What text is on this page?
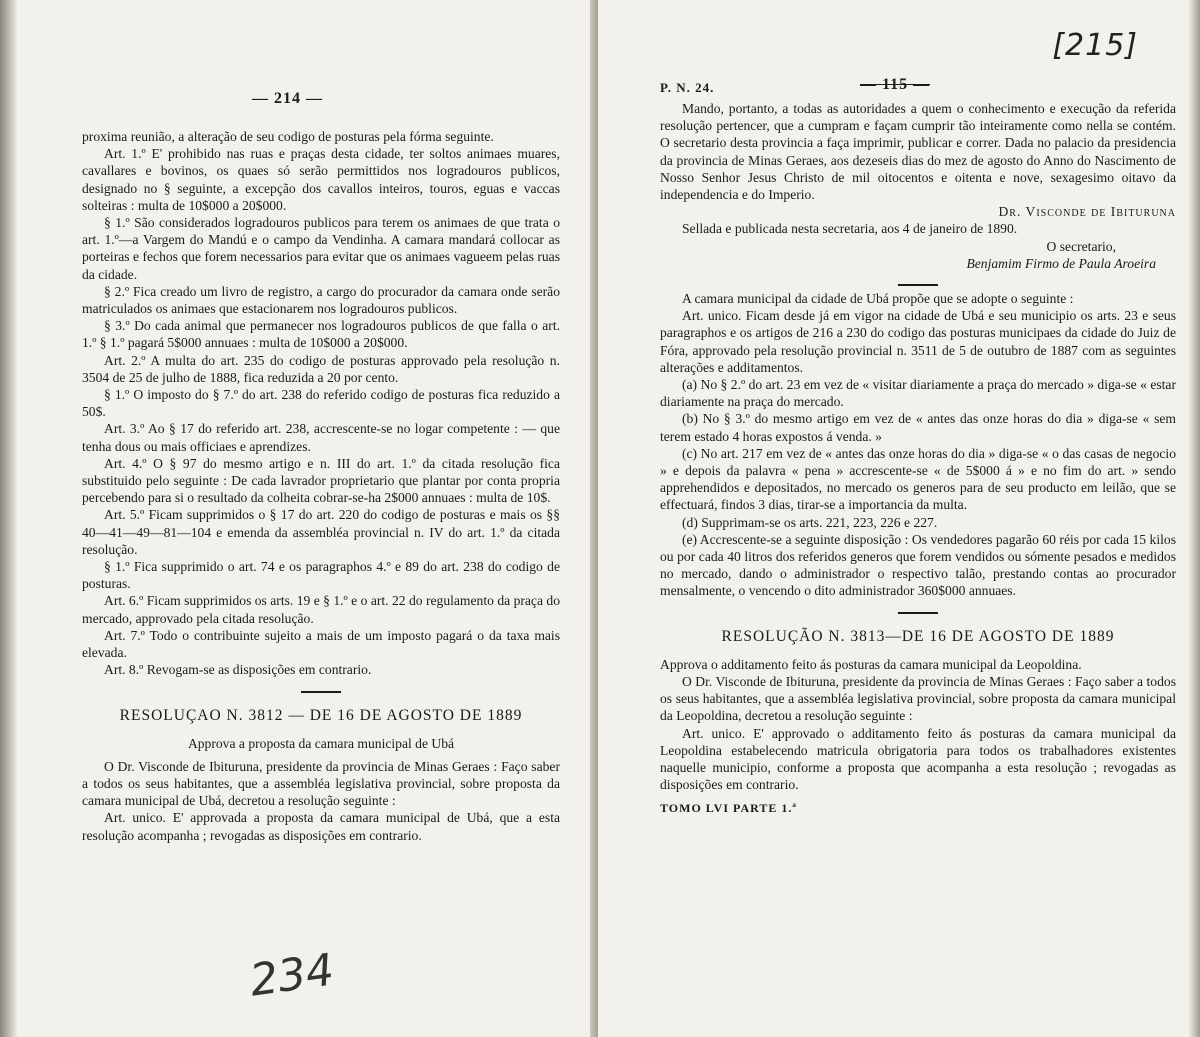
— 214 —

proxima reunião, a alteração de seu codigo de posturas pela fórma seguinte.

Art. 1.º E' prohibido nas ruas e praças desta cidade, ter soltos animaes muares, cavallares e bovinos, os quaes só serão permittidos nos logradouros publicos, designado no § seguinte, a excepção dos cavallos inteiros, touros, eguas e vaccas solteiras : multa de 10$000 a 20$000.

§ 1.º São considerados logradouros publicos para terem os animaes de que trata o art. 1.º—a Vargem do Mandú e o campo da Vendinha. A camara mandará collocar as porteiras e fechos que forem necessarios para evitar que os animaes vagueem pelas ruas da cidade.

§ 2.º Fica creado um livro de registro, a cargo do procurador da camara onde serão matriculados os animaes que estacionarem nos logradouros publicos.

§ 3.º Do cada animal que permanecer nos logradouros publicos de que falla o art. 1.º § 1.º pagará 5$000 annuaes : multa de 10$000 a 20$000.

Art. 2.º A multa do art. 235 do codigo de posturas approvado pela resolução n. 3504 de 25 de julho de 1888, fica reduzida a 20 por cento.

§ 1.º O imposto do § 7.º do art. 238 do referido codigo de posturas fica reduzido a 50$.

Art. 3.º Ao § 17 do referido art. 238, accrescente-se no logar competente : — que tenha dous ou mais officiaes e aprendizes.

Art. 4.º O § 97 do mesmo artigo e n. III do art. 1.º da citada resolução fica substituido pelo seguinte : De cada lavrador proprietario que plantar por conta propria percebendo para si o resultado da colheita cobrar-se-ha 2$000 annuaes : multa de 10$.

Art. 5.º Ficam supprimidos o § 17 do art. 220 do codigo de posturas e mais os §§ 40—41—49—81—104 e emenda da assembléa provincial n. IV do art. 1.º da citada resolução.

§ 1.º Fica supprimido o art. 74 e os paragraphos 4.º e 89 do art. 238 do codigo de posturas.

Art. 6.º Ficam supprimidos os arts. 19 e § 1.º e o art. 22 do regulamento da praça do mercado, approvado pela citada resolução.

Art. 7.º Todo o contribuinte sujeito a mais de um imposto pagará o da taxa mais elevada.

Art. 8.º Revogam-se as disposições em contrario.

RESOLUÇAO N. 3812 — DE 16 DE AGOSTO DE 1889

Approva a proposta da camara municipal de Ubá

O Dr. Visconde de Ibituruna, presidente da provincia de Minas Geraes : Faço saber a todos os seus habitantes, que a assembléa legislativa provincial, sobre proposta da camara municipal de Ubá, decretou a resolução seguinte :

Art. unico. E' approvada a proposta da camara municipal de Ubá, que a esta resolução acompanha ; revogadas as disposições em contrario.

234
P. N. 24.	— 115 —
[215]

Mando, portanto, a todas as autoridades a quem o conhecimento e execução da referida resolução pertencer, que a cumpram e façam cumprir tão inteiramente como nella se contém. O secretario desta provincia a faça imprimir, publicar e correr. Dada no palacio da presidencia da provincia de Minas Geraes, aos dezeseis dias do mez de agosto do Anno do Nascimento de Nosso Senhor Jesus Christo de mil oitocentos e oitenta e nove, sexagesimo oitavo da independencia e do Imperio.

Dr. Visconde de Ibituruna

Sellada e publicada nesta secretaria, aos 4 de janeiro de 1890.

O secretario,

Benjamim Firmo de Paula Aroeira

A camara municipal da cidade de Ubá propõe que se adopte o seguinte :

Art. unico. Ficam desde já em vigor na cidade de Ubá e seu municipio os arts. 23 e seus paragraphos e os artigos de 216 a 230 do codigo das posturas municipaes da cidade do Juiz de Fóra, approvado pela resolução provincial n. 3511 de 5 de outubro de 1887 com as seguintes alterações e additamentos.

(a) No § 2.º do art. 23 em vez de « visitar diariamente a praça do mercado » diga-se « estar diariamente na praça do mercado.

(b) No § 3.º do mesmo artigo em vez de « antes das onze horas do dia » diga-se « sem terem estado 4 horas expostos á venda. »

(c) No art. 217 em vez de « antes das onze horas do dia » diga-se « o das casas de negocio » e depois da palavra « pena » accrescente-se « de 5$000 á » e no fim do art. » sendo apprehendidos e depositados, no mercado os generos para de seu producto em leilão, que se effectuará, findos 3 dias, tirar-se a importancia da multa.

(d) Supprimam-se os arts. 221, 223, 226 e 227.

(e) Accrescente-se a seguinte disposição : Os vendedores pagarão 60 réis por cada 15 kilos ou por cada 40 litros dos referidos generos que forem vendidos ou sómente pesados e medidos no mercado, dando o administrador o respectivo talão, prestando contas ao procurador mensalmente, o vencendo o dito administrador 360$000 annuaes.

RESOLUÇÃO N. 3813—DE 16 DE AGOSTO DE 1889

Approva o additamento feito ás posturas da camara municipal da Leopoldina.

O Dr. Visconde de Ibituruna, presidente da provincia de Minas Geraes : Faço saber a todos os seus habitantes, que a assembléa legislativa provincial, sobre proposta da camara municipal da Leopoldina, decretou a resolução seguinte :

Art. unico. E' approvado o additamento feito ás posturas da camara municipal da Leopoldina estabelecendo matricula obrigatoria para todos os trabalhadores existentes naquelle municipio, conforme a proposta que acompanha a esta resolução ; revogadas as disposições em contrario.

TOMO LVI PARTE 1.ª
